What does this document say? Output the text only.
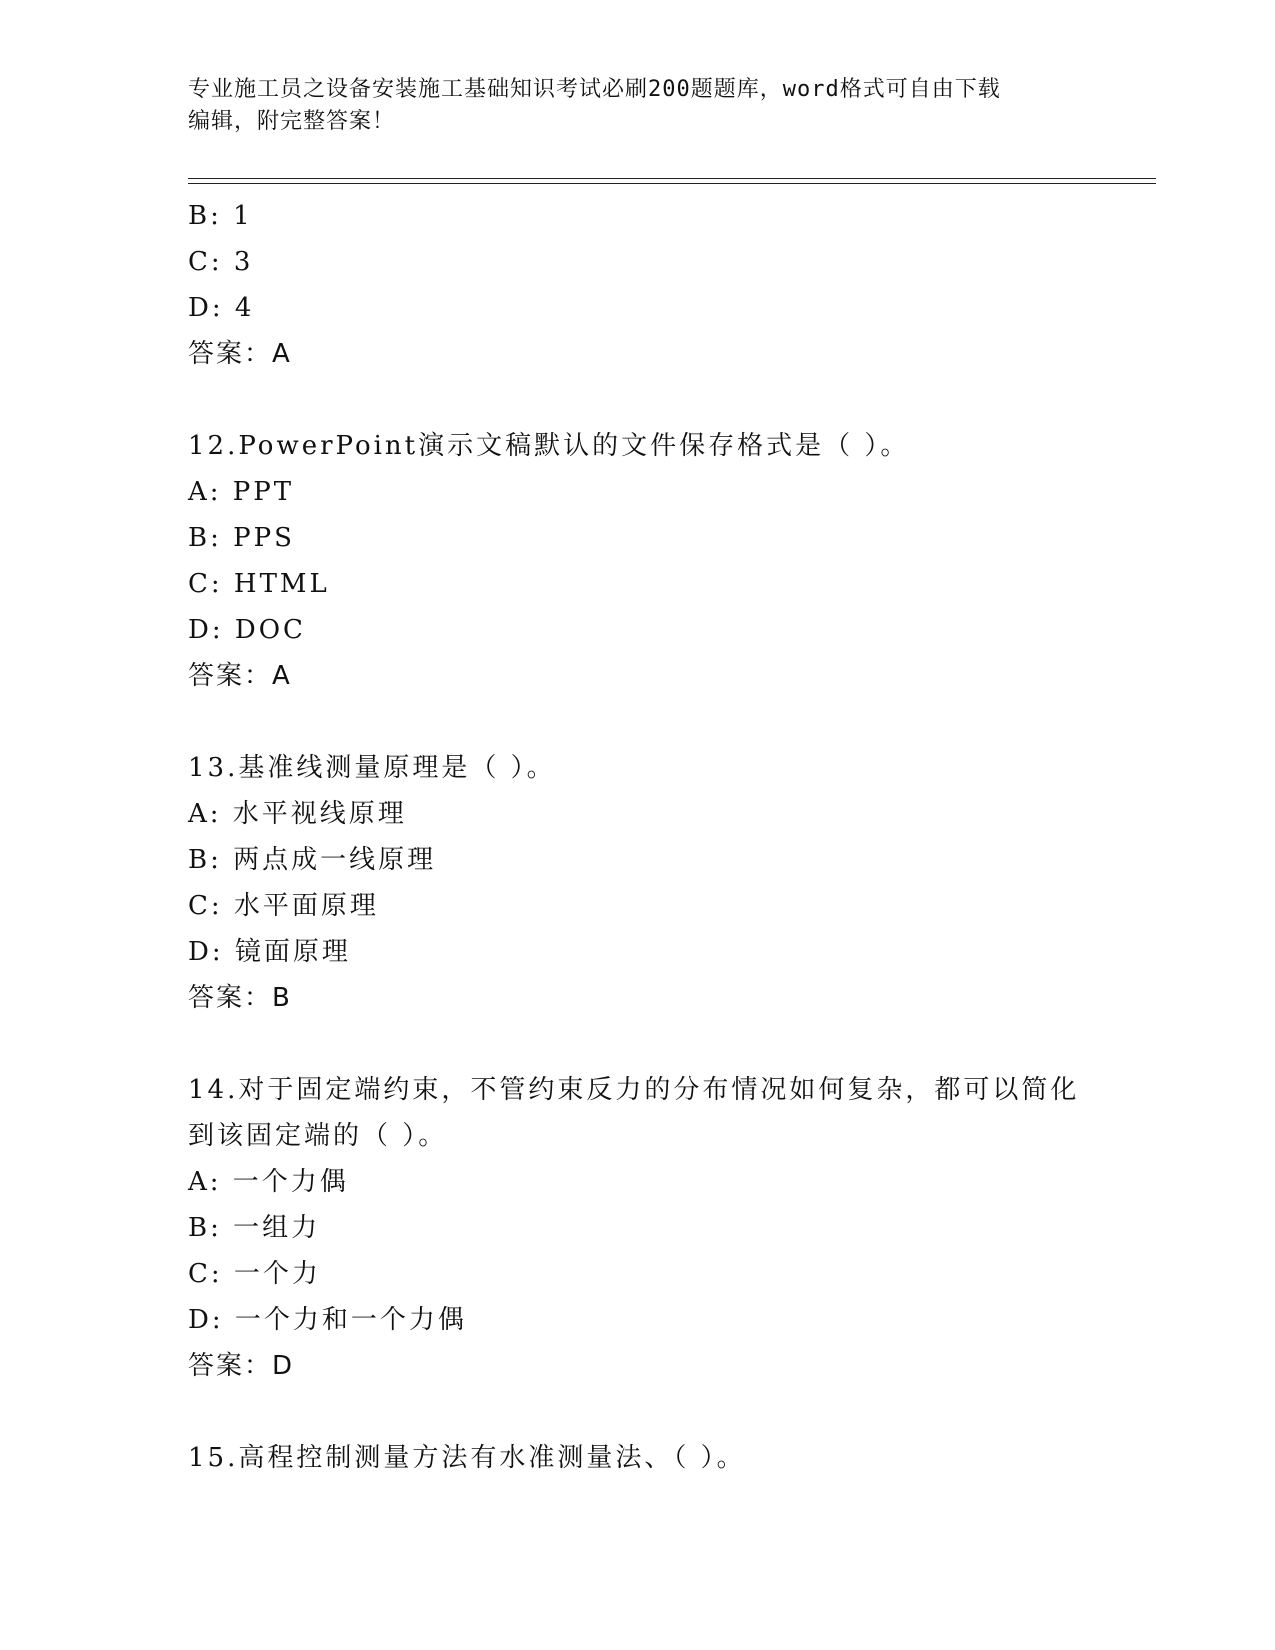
专业施工员之设备安装施工基础知识考试必刷200题题库，word格式可自由下载
编辑，附完整答案！
B: 1
C: 3
D: 4
答案：A
12.PowerPoint演示文稿默认的文件保存格式是（ ）。
A: PPT
B: PPS
C: HTML
D: DOC
答案：A
13.基准线测量原理是（ ）。
A: 水平视线原理
B: 两点成一线原理
C: 水平面原理
D: 镜面原理
答案：B
14.对于固定端约束，不管约束反力的分布情况如何复杂，都可以简化
到该固定端的（ ）。
A: 一个力偶
B: 一组力
C: 一个力
D: 一个力和一个力偶
答案：D
15.高程控制测量方法有水准测量法、（ ）。
